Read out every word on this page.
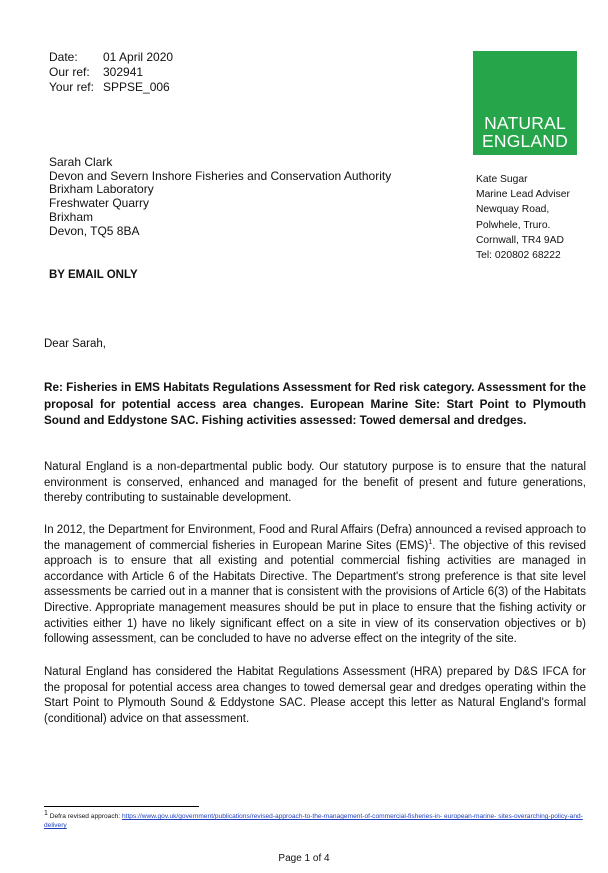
Date:	01 April 2020
Our ref:	302941
Your ref: SPPSE_006
NATURAL
ENGLAND
Sarah Clark
Devon and Severn Inshore Fisheries and Conservation Authority
Brixham Laboratory
Freshwater Quarry
Brixham
Devon, TQ5 8BA
Kate Sugar
Marine Lead Adviser
Newquay Road,
Polwhele, Truro.
Cornwall, TR4 9AD
Tel: 020802 68222
BY EMAIL ONLY
Dear Sarah,
Re: Fisheries in EMS Habitats Regulations Assessment for Red risk category. Assessment for the proposal for potential access area changes. European Marine Site: Start Point to Plymouth Sound and Eddystone SAC. Fishing activities assessed: Towed demersal and dredges.
Natural England is a non-departmental public body. Our statutory purpose is to ensure that the natural environment is conserved, enhanced and managed for the benefit of present and future generations, thereby contributing to sustainable development.
In 2012, the Department for Environment, Food and Rural Affairs (Defra) announced a revised approach to the management of commercial fisheries in European Marine Sites (EMS)$^1$. The objective of this revised approach is to ensure that all existing and potential commercial fishing activities are managed in accordance with Article 6 of the Habitats Directive. The Department's strong preference is that site level assessments be carried out in a manner that is consistent with the provisions of Article 6(3) of the Habitats Directive. Appropriate management measures should be put in place to ensure that the fishing activity or activities either 1) have no likely significant effect on a site in view of its conservation objectives or b) following assessment, can be concluded to have no adverse effect on the integrity of the site.
Natural England has considered the Habitat Regulations Assessment (HRA) prepared by D&S IFCA for the proposal for potential access area changes to towed demersal gear and dredges operating within the Start Point to Plymouth Sound & Eddystone SAC. Please accept this letter as Natural England's formal (conditional) advice on that assessment.
$^1$ Defra revised approach: https://www.gov.uk/government/publications/revised-approach-to-the-management-of-commercial-fisheries-in- european-marine- sites-overarching-policy-and-delivery
Page 1 of 4
